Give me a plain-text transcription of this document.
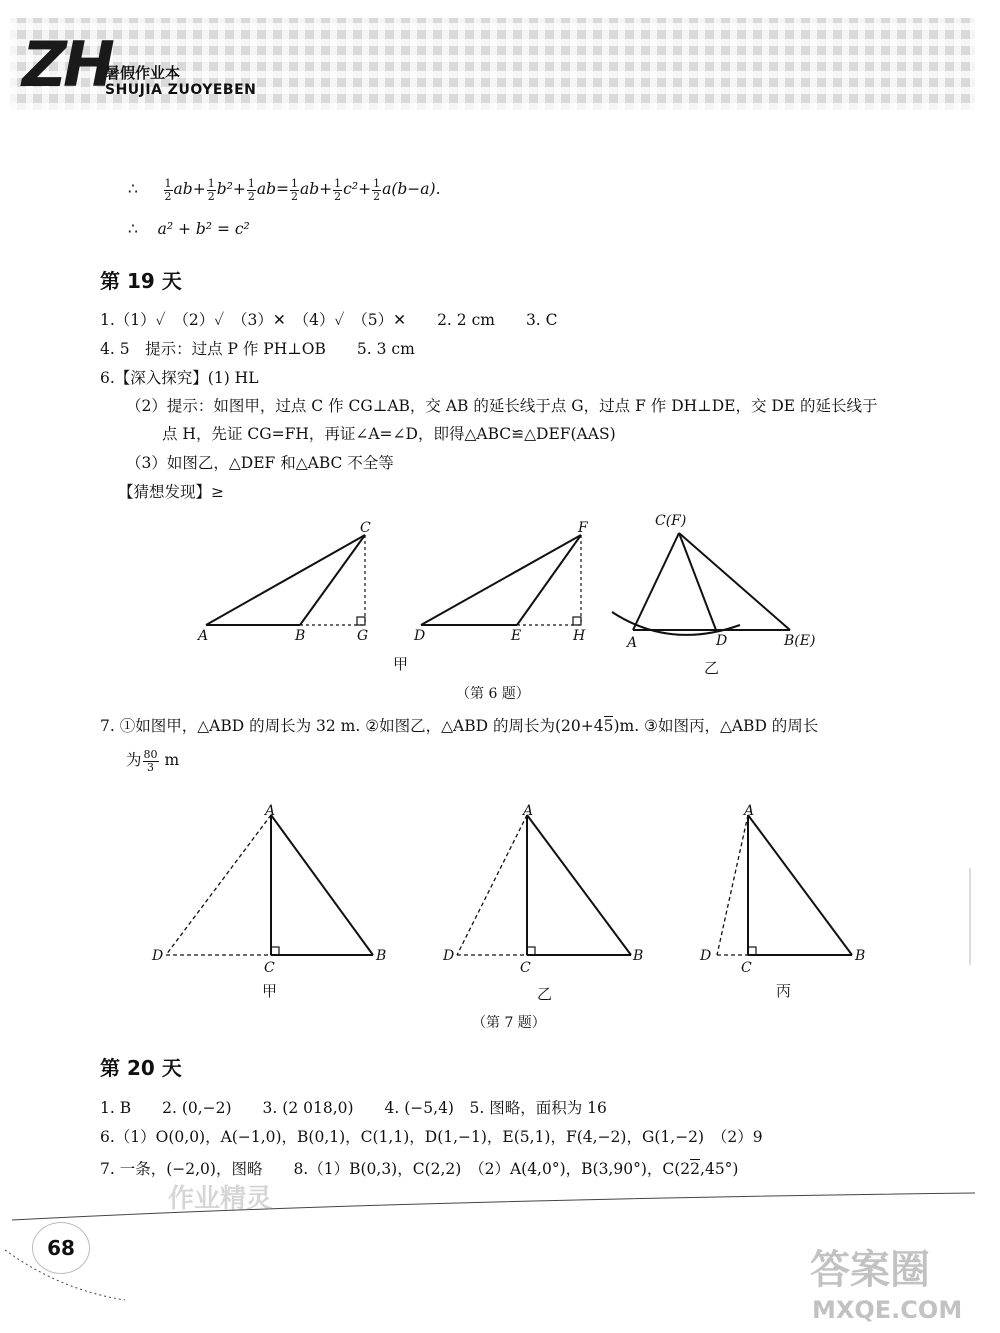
ZH
暑假作业本
SHUJIA ZUOYEBEN
∴ $\frac{1}{2} ab+ \frac{1}{2} b^2+ \frac{1}{2} ab= \frac{1}{2} ab+ \frac{1}{2} c^2+ \frac{1}{2} a(b-a)$.
∴ a² + b² = c²
第 19 天
1.（1）✓　（2）✓　（3）✕　（4）✓　（5）✕　　2. 2 cm　　3. C
4. 5　提示：过点 P 作 PH⊥OB　　5. 3 cm
6.【深入探究】(1) HL
（2）提示：如图甲，过点 C 作 CG⊥AB，交 AB 的延长线于点 G，过点 F 作 DH⊥DE，交 DE 的延长线于
点 H，先证 CG=FH，再证∠A=∠D，即得△ABC≌△DEF(AAS)
（3）如图乙，△DEF 和△ABC 不全等
【猜想发现】≥
C
A	B	G
F
D	E	H
C(F)
A	D	B(E)
A
D
C
B
A
D
C
B
A
D
C
B
甲	乙
（第 6 题）
7. ①如图甲，△ABD 的周长为 32 m. ②如图乙，△ABD 的周长为(20+45)m. ③如图丙，△ABD 的周长
为 $\frac{80}{3}$ m
甲	乙	丙
（第 7 题）
第 20 天
1. B　　2. (0,−2)　　3. (2 018,0)　　4. (−5,4)　5. 图略，面积为 16
6.（1）O(0,0)，A(−1,0)，B(0,1)，C(1,1)，D(1,−1)，E(5,1)，F(4,−2)，G(1,−2)　（2）9
7. 一条，(−2,0)，图略　　8.（1）B(0,3)，C(2,2)　（2）A(4,0°)，B(3,90°)，C(22,45°)
68
作业精灵
答案圈
MXQE.COM
